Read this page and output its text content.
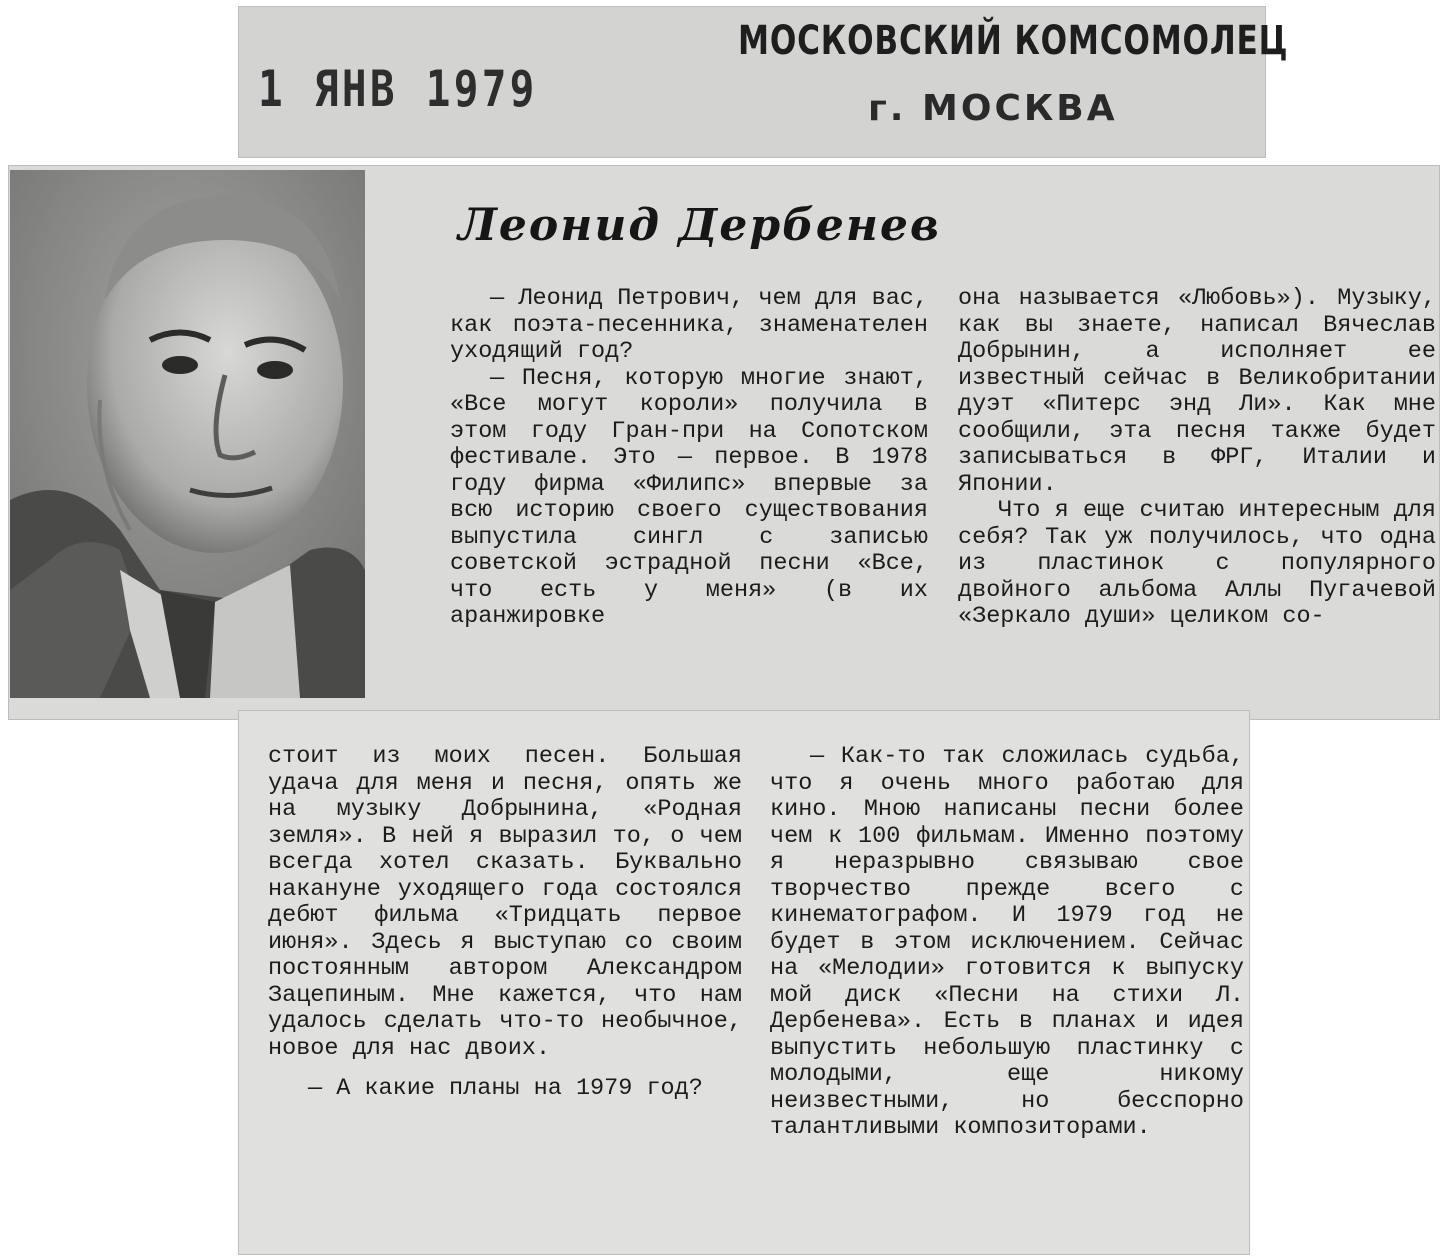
1 ЯНВ 1979
МОСКОВСКИЙ КОМСОМОЛЕЦ
г. МОСКВА
Леонид Дербенев

— Леонид Петрович, чем для вас, как поэта-песенника, знаменателен уходящий год?

— Песня, которую многие знают, «Все могут короли» получила в этом году Гран-при на Сопотском фестивале. Это — первое. В 1978 году фирма «Филипс» впервые за всю историю своего существования выпустила сингл с записью советской эстрадной песни «Все, что есть у меня» (в их аранжировке

она называется «Любовь»). Музыку, как вы знаете, написал Вячеслав Добрынин, а исполняет ее известный сейчас в Великобритании дуэт «Питерс энд Ли». Как мне сообщили, эта песня также будет записываться в ФРГ, Италии и Японии.

Что я еще считаю интересным для себя? Так уж получилось, что одна из пластинок с популярного двойного альбома Аллы Пугачевой «Зеркало души» целиком со-

стоит из моих песен. Большая удача для меня и песня, опять же на музыку Добрынина, «Родная земля». В ней я выразил то, о чем всегда хотел сказать. Буквально накануне уходящего года состоялся дебют фильма «Тридцать первое июня». Здесь я выступаю со своим постоянным автором Александром Зацепиным. Мне кажется, что нам удалось сделать что-то необычное, новое для нас двоих.

— А какие планы на 1979 год?

— Как-то так сложилась судьба, что я очень много работаю для кино. Мною написаны песни более чем к 100 фильмам. Именно поэтому я неразрывно связываю свое творчество прежде всего с кинематографом. И 1979 год не будет в этом исключением. Сейчас на «Мелодии» готовится к выпуску мой диск «Песни на стихи Л. Дербенева». Есть в планах и идея выпустить небольшую пластинку с молодыми, еще никому неизвестными, но бесспорно талантливыми композиторами.
